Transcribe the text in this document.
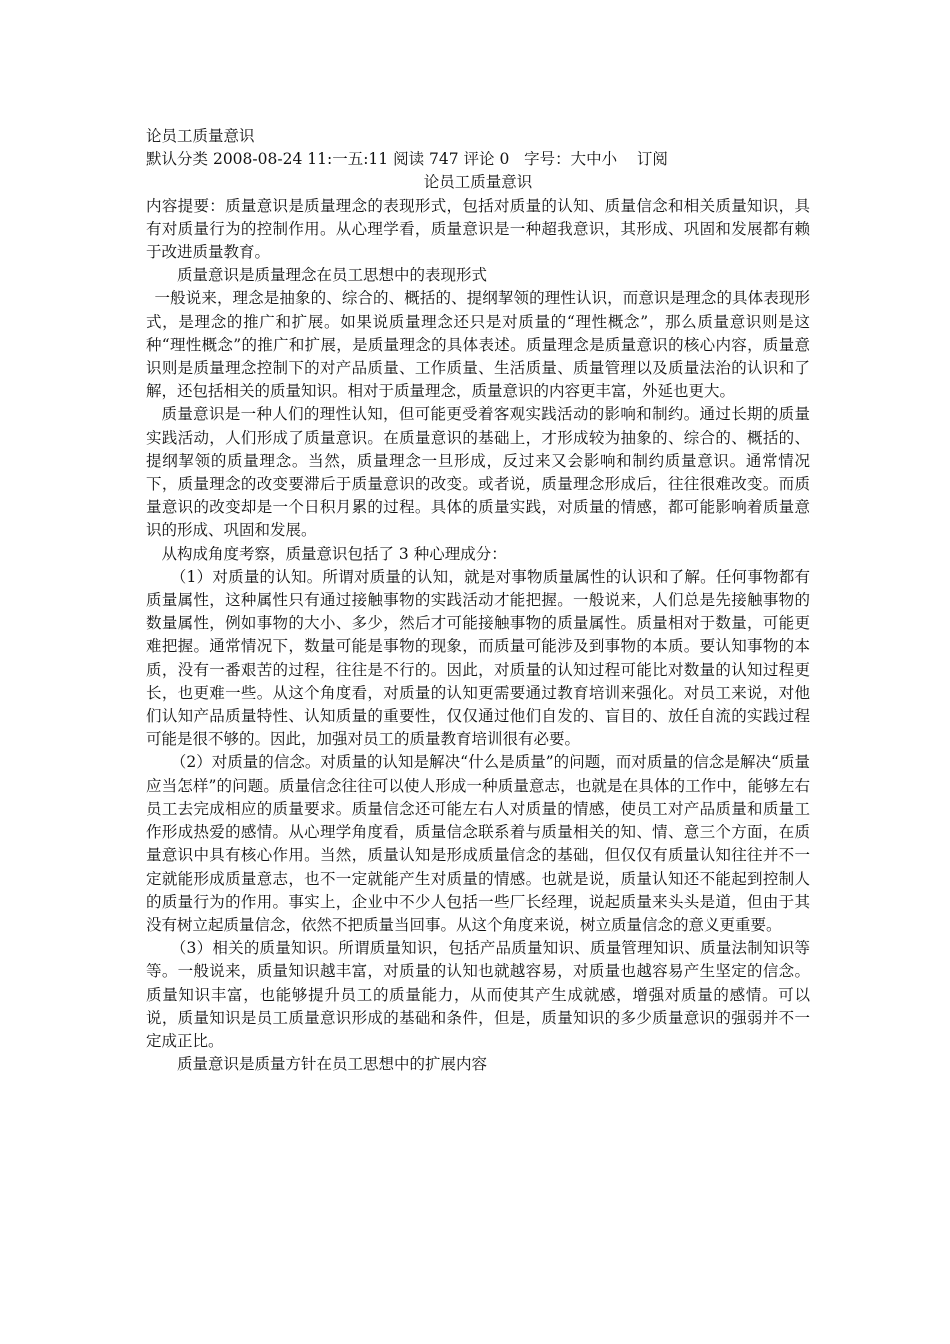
论员工质量意识
默认分类 2008-08-24 11:一五:11 阅读 747 评论 0 字号：大中小 订阅
论员工质量意识

内容提要：质量意识是质量理念的表现形式，包括对质量的认知、质量信念和相关质量知识，具有对质量行为的控制作用。从心理学看，质量意识是一种超我意识，其形成、巩固和发展都有赖于改进质量教育。

质量意识是质量理念在员工思想中的表现形式

一般说来，理念是抽象的、综合的、概括的、提纲挈领的理性认识，而意识是理念的具体表现形式，是理念的推广和扩展。如果说质量理念还只是对质量的“理性概念”，那么质量意识则是这种“理性概念”的推广和扩展，是质量理念的具体表述。质量理念是质量意识的核心内容，质量意识则是质量理念控制下的对产品质量、工作质量、生活质量、质量管理以及质量法治的认识和了解，还包括相关的质量知识。相对于质量理念，质量意识的内容更丰富，外延也更大。

质量意识是一种人们的理性认知，但可能更受着客观实践活动的影响和制约。通过长期的质量实践活动，人们形成了质量意识。在质量意识的基础上，才形成较为抽象的、综合的、概括的、提纲挈领的质量理念。当然，质量理念一旦形成，反过来又会影响和制约质量意识。通常情况下，质量理念的改变要滞后于质量意识的改变。或者说，质量理念形成后，往往很难改变。而质量意识的改变却是一个日积月累的过程。具体的质量实践，对质量的情感，都可能影响着质量意识的形成、巩固和发展。

从构成角度考察，质量意识包括了 3 种心理成分：

（1）对质量的认知。所谓对质量的认知，就是对事物质量属性的认识和了解。任何事物都有质量属性，这种属性只有通过接触事物的实践活动才能把握。一般说来，人们总是先接触事物的数量属性，例如事物的大小、多少，然后才可能接触事物的质量属性。质量相对于数量，可能更难把握。通常情况下，数量可能是事物的现象，而质量可能涉及到事物的本质。要认知事物的本质，没有一番艰苦的过程，往往是不行的。因此，对质量的认知过程可能比对数量的认知过程更长，也更难一些。从这个角度看，对质量的认知更需要通过教育培训来强化。对员工来说，对他们认知产品质量特性、认知质量的重要性，仅仅通过他们自发的、盲目的、放任自流的实践过程可能是很不够的。因此，加强对员工的质量教育培训很有必要。

（2）对质量的信念。对质量的认知是解决“什么是质量”的问题，而对质量的信念是解决“质量应当怎样”的问题。质量信念往往可以使人形成一种质量意志，也就是在具体的工作中，能够左右员工去完成相应的质量要求。质量信念还可能左右人对质量的情感，使员工对产品质量和质量工作形成热爱的感情。从心理学角度看，质量信念联系着与质量相关的知、情、意三个方面，在质量意识中具有核心作用。当然，质量认知是形成质量信念的基础，但仅仅有质量认知往往并不一定就能形成质量意志，也不一定就能产生对质量的情感。也就是说，质量认知还不能起到控制人的质量行为的作用。事实上，企业中不少人包括一些厂长经理，说起质量来头头是道，但由于其没有树立起质量信念，依然不把质量当回事。从这个角度来说，树立质量信念的意义更重要。

（3）相关的质量知识。所谓质量知识，包括产品质量知识、质量管理知识、质量法制知识等等。一般说来，质量知识越丰富，对质量的认知也就越容易，对质量也越容易产生坚定的信念。质量知识丰富，也能够提升员工的质量能力，从而使其产生成就感，增强对质量的感情。可以说，质量知识是员工质量意识形成的基础和条件，但是，质量知识的多少质量意识的强弱并不一定成正比。

质量意识是质量方针在员工思想中的扩展内容
